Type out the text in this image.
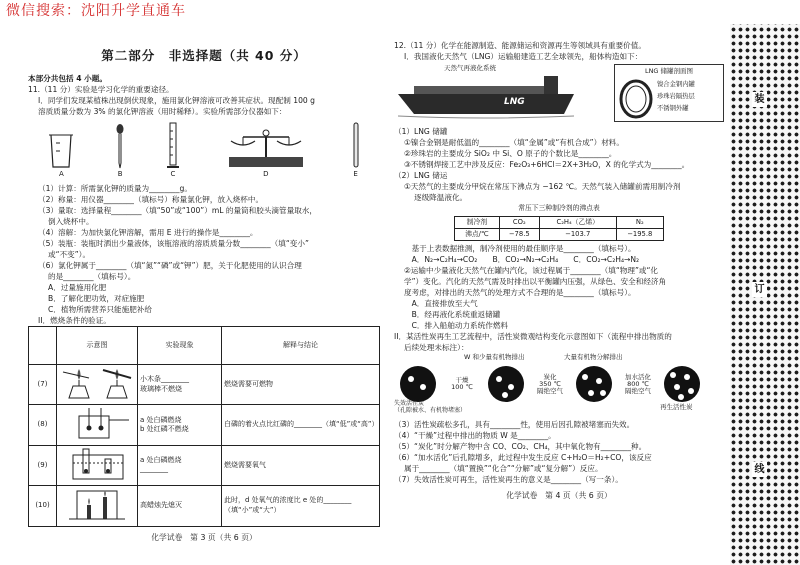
微信搜索：沈阳升学直通车
第二部分　非选择题（共 40 分）
本部分共包括 4 小题。
11.（11 分）实验是学习化学的重要途径。
I．同学们发现某植株出现倒伏现象，施用氯化钾溶液可改善其症状。现配制 100 g
溶质质量分数为 3% 的氯化钾溶液（用时稀释）。实验所需部分仪器如下：
A	B	C	D	E
（1）计算：所需氯化钾的质量为________g。
（2）称量：用仪器________（填标号）称量氯化钾，放入烧杯中。
（3）量取：选择量程________（填“50”或“100”）mL 的量筒和胶头滴管量取水，
倒入烧杯中。
（4）溶解：为加快氯化钾溶解，需用 E 进行的操作是________。
（5）装瓶：装瓶时洒出少量液体，该瓶溶液的溶质质量分数________（填“变小”
或“不变”）。
（6）氯化钾属于________（填“氮”“磷”或“钾”）肥，关于化肥使用的认识合理
的是________（填标号）。
A．过量施用化肥
B．了解化肥功效，对症施肥
C．植物所需营养只能施肥补给
II．燃烧条件的验证。
	示意图	实验现象	解释与结论
(7)		小木条________
玻璃棒不燃烧	燃烧需要可燃物
(8)		a 处白磷燃烧
b 处红磷不燃烧	白磷的着火点比红磷的________（填“低”或“高”）
(9)		a 处白磷燃烧
________	燃烧需要氧气
(10)		高蜡烛先熄灭	此时，d 处氧气的浓度比 e 处的________（填“小”或“大”）
化学试卷　第 3 页（共 6 页）
12.（11 分）化学在能源制造、能源储运和资源再生等领域具有重要价值。
I．我国液化天然气（LNG）运输船建造工艺全球领先，船体构造如下：
天然气再液化系统
LNG
LNG 储罐剖面图
镍合金钢内罐
珍珠岩隔热层
不锈钢外罐
（1）LNG 储罐
①镍合金钢是耐低温的________（填“金属”或“有机合成”）材料。
②珍珠岩的主要成分 SiO₂ 中 Si、O 原子的个数比是________。
③不锈钢焊接工艺中涉及反应：Fe₂O₃+6HCl＝2X+3H₂O，X 的化学式为________。
（2）LNG 储运
①天然气的主要成分甲烷在常压下沸点为 −162 ℃。天然气装入储罐前需用制冷剂
逐级降温液化。
常压下三种制冷剂的沸点表
制冷剂	CO₂	C₂H₄（乙烯）	N₂
沸点/℃	−78.5	−103.7	−195.8
　基于上表数据推测，制冷剂使用的最佳顺序是________（填标号）。
　A．N₂→C₂H₄→CO₂　　B．CO₂→N₂→C₂H₄　　C．CO₂→C₂H₄→N₂
②运输中少量液化天然气在罐内汽化，该过程属于________（填“物理”或“化
学”）变化。汽化的天然气需及时排出以平衡罐内压强，从绿色、安全和经济角
度考虑，对排出的天然气的处理方式不合理的是________（填标号）。
　A．直接排放至大气
　B．经再液化系统重返储罐
　C．排入船舶动力系统作燃料
II．某活性炭再生工艺流程中，活性炭微观结构变化示意图如下（流程中排出物质的
后续处理未标注）：
W 和少量有机物排出	大量有机物分解排出
干燥
100 ℃
炭化
350 ℃
隔绝空气
加水活化
800 ℃
隔绝空气
失效活性炭
（孔隙被水、有机物堵塞）	再生活性炭
（3）活性炭疏松多孔，具有________性，使用后因孔隙被堵塞而失效。
（4）“干燥”过程中排出的物质 W 是________。
（5）“炭化”时分解产物中含 CO、CO₂、CH₄，其中氧化物有________种。
（6）“加水活化”后孔隙增多，此过程中发生反应 C+H₂O＝H₂+CO，该反应
属于________（填“置换”“化合”“分解”或“复分解”）反应。
（7）失效活性炭可再生，活性炭再生的意义是________（写一条）。
化学试卷　第 4 页（共 6 页）
装
订
线
